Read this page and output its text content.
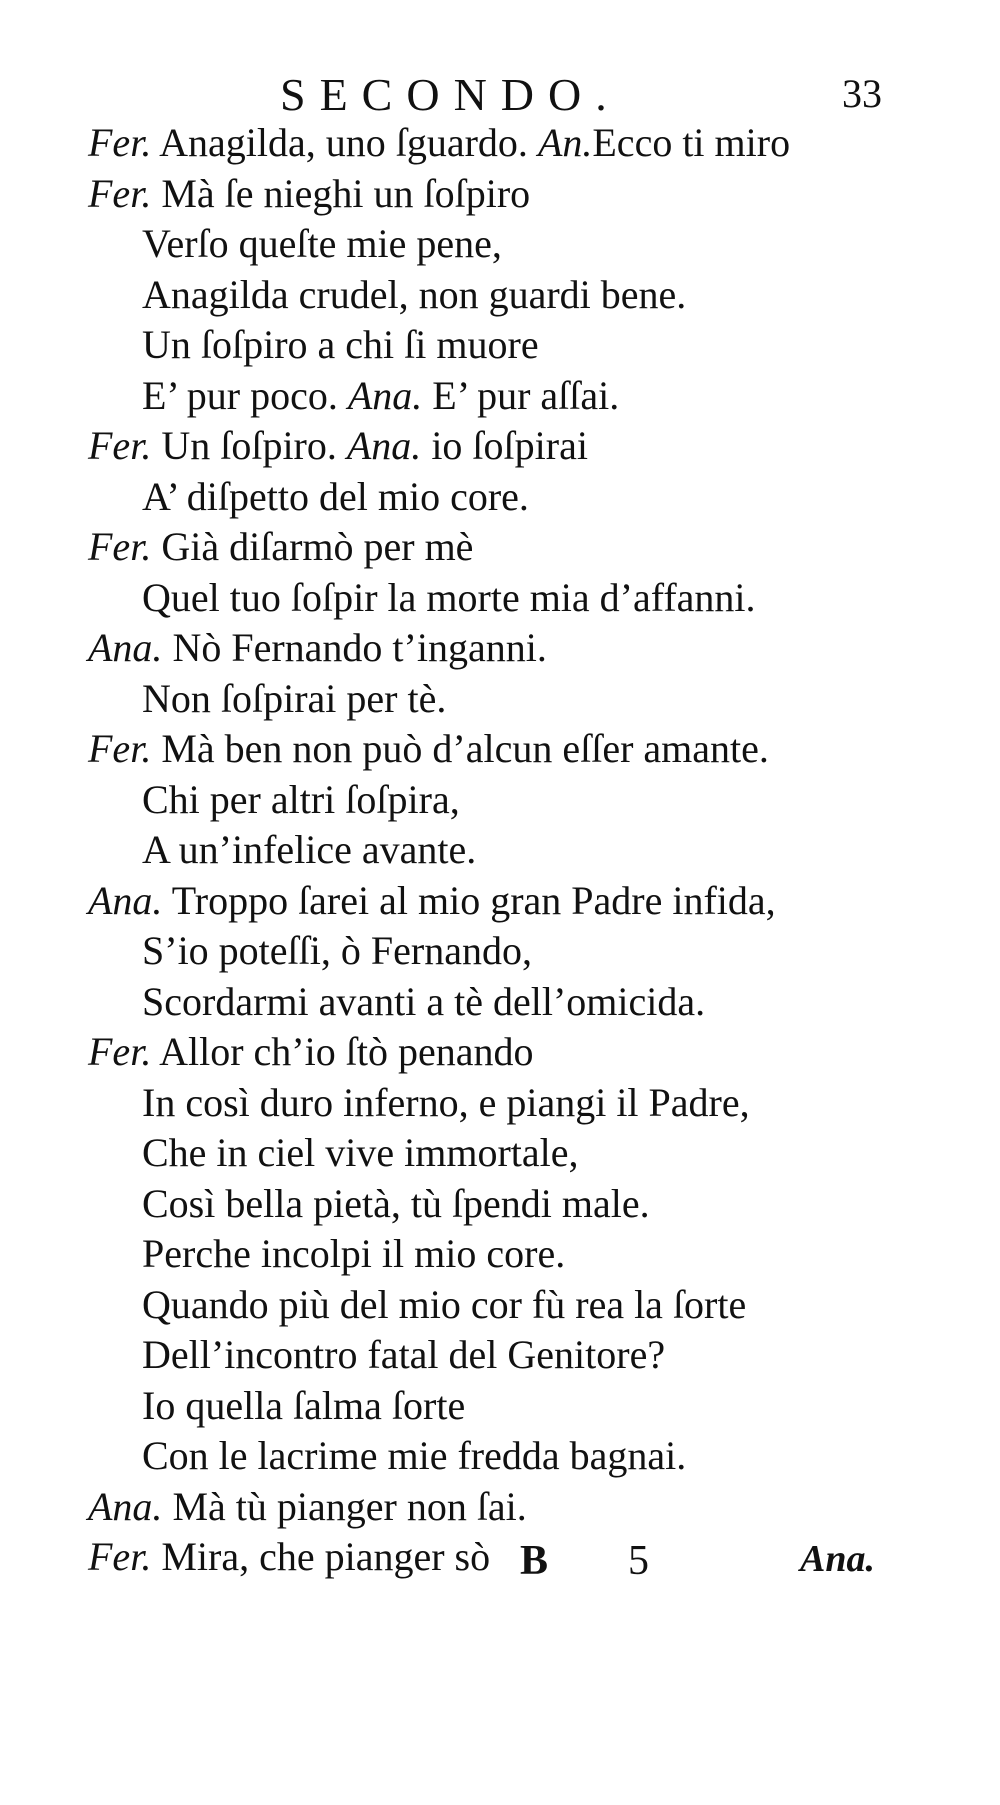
SECONDO.	33
Fer. Anagilda, uno ſguardo. An.Ecco ti miro
Fer. Mà ſe nieghi un ſoſpiro
Verſo queſte mie pene,
Anagilda crudel, non guardi bene.
Un ſoſpiro a chi ſi muore
E’ pur poco. Ana. E’ pur aſſai.
Fer. Un ſoſpiro. Ana. io ſoſpirai
A’ diſpetto del mio core.
Fer. Già diſarmò per mè
Quel tuo ſoſpir la morte mia d’affanni.
Ana. Nò Fernando t’inganni.
Non ſoſpirai per tè.
Fer. Mà ben non può d’alcun eſſer amante.
Chi per altri ſoſpira,
A un’infelice avante.
Ana. Troppo ſarei al mio gran Padre infida,
S’io poteſſi, ò Fernando,
Scordarmi avanti a tè dell’omicida.
Fer. Allor ch’io ſtò penando
In così duro inferno, e piangi il Padre,
Che in ciel vive immortale,
Così bella pietà, tù ſpendi male.
Perche incolpi il mio core.
Quando più del mio cor fù rea la ſorte
Dell’incontro fatal del Genitore?
Io quella ſalma ſorte
Con le lacrime mie fredda bagnai.
Ana. Mà tù pianger non ſai.
Fer. Mira, che pianger sò B 5	Ana.
